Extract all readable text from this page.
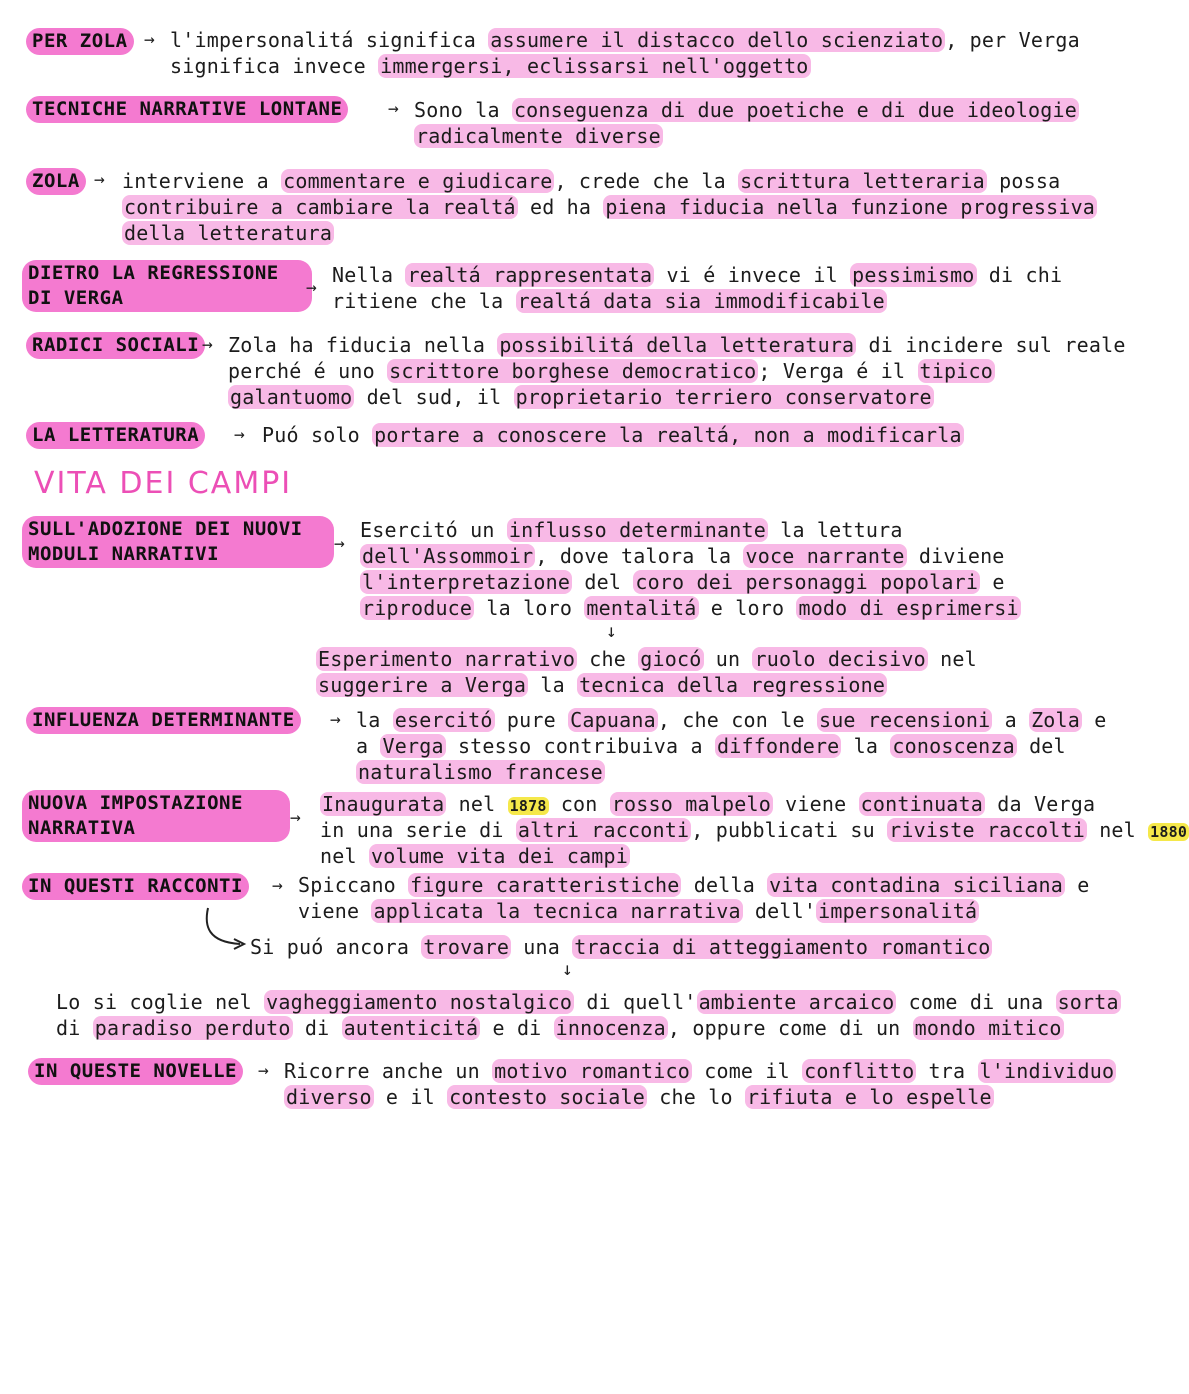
PER ZOLA → l'impersonalitá significa assumere il distacco dello scienziato , per Verga
significa invece immergersi, eclissarsi nell'oggetto
TECNICHE NARRATIVE LONTANE	→ Sono la conseguenza di due poetiche e di due ideologie
radicalmente diverse
ZOLA → interviene a commentare e giudicare , crede che la scrittura letteraria possa
contribuire a cambiare la realtá ed ha piena fiducia nella funzione progressiva
della letteratura
DIETRO LA REGRESSIONE
DI VERGA	→
Nella realtá rappresentata vi é invece il pessimismo di chi
ritiene che la realtá data sia immodificabile
RADICI SOCIALI → Zola ha fiducia nella possibilitá della letteratura di incidere sul reale
perché é uno scrittore borghese democratico ; Verga é il tipico
galantuomo del sud, il proprietario terriero conservatore
LA LETTERATURA	→ Puó solo portare a conoscere la realtá, non a modificarla
VITA DEI CAMPI
SULL'ADOZIONE DEI NUOVI
MODULI NARRATIVI	→
Esercitó un influsso determinante la lettura
dell'Assommoir , dove talora la voce narrante diviene
l'interpretazione del coro dei personaggi popolari e
riproduce la loro mentalitá e loro modo di esprimersi
↓
Esperimento narrativo che giocó un ruolo decisivo nel
suggerire a Verga la tecnica della regressione
INFLUENZA DETERMINANTE	→ la esercitó pure Capuana , che con le sue recensioni a Zola e
a Verga stesso contribuiva a diffondere la conoscenza del
naturalismo francese
NUOVA IMPOSTAZIONE
NARRATIVA	→
Inaugurata nel 1878 con rosso malpelo viene continuata da Verga
in una serie di altri racconti , pubblicati su riviste raccolti nel 1880
nel volume vita dei campi
IN QUESTI RACCONTI	→ Spiccano figure caratteristiche della vita contadina siciliana e
viene applicata la tecnica narrativa dell' impersonalitá
Si puó ancora trovare una traccia di atteggiamento romantico
↓
Lo si coglie nel vagheggiamento nostalgico di quell' ambiente arcaico come di una sorta
di paradiso perduto di autenticitá e di innocenza , oppure come di un mondo mitico
IN QUESTE NOVELLE	→ Ricorre anche un motivo romantico come il conflitto tra l'individuo
diverso e il contesto sociale che lo rifiuta e lo espelle
